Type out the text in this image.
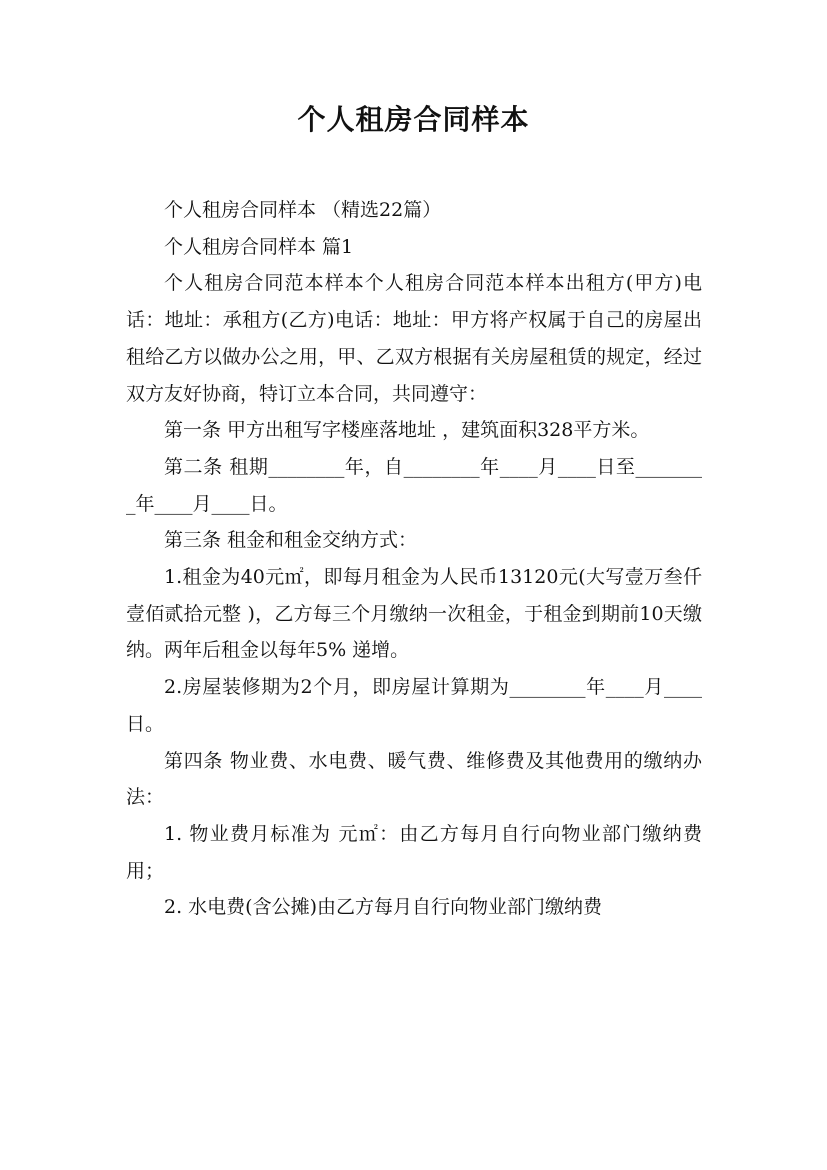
个人租房合同样本

个人租房合同样本 （精选22篇）

个人租房合同样本 篇1

个人租房合同范本样本个人租房合同范本样本出租方(甲方)电话：地址：承租方(乙方)电话：地址：甲方将产权属于自己的房屋出租给乙方以做办公之用，甲、乙双方根据有关房屋租赁的规定，经过双方友好协商，特订立本合同，共同遵守：

第一条 甲方出租写字楼座落地址 ，建筑面积328平方米。

第二条 租期________年，自________年____月____日至________年____月____日。

第三条 租金和租金交纳方式：

1.租金为40元㎡，即每月租金为人民币13120元(大写壹万叁仟壹佰贰拾元整 )，乙方每三个月缴纳一次租金，于租金到期前10天缴纳。两年后租金以每年5% 递增。

2.房屋装修期为2个月，即房屋计算期为________年____月____日。

第四条 物业费、水电费、暖气费、维修费及其他费用的缴纳办法：

1. 物业费月标准为 元㎡：由乙方每月自行向物业部门缴纳费用；

2. 水电费(含公摊)由乙方每月自行向物业部门缴纳费
